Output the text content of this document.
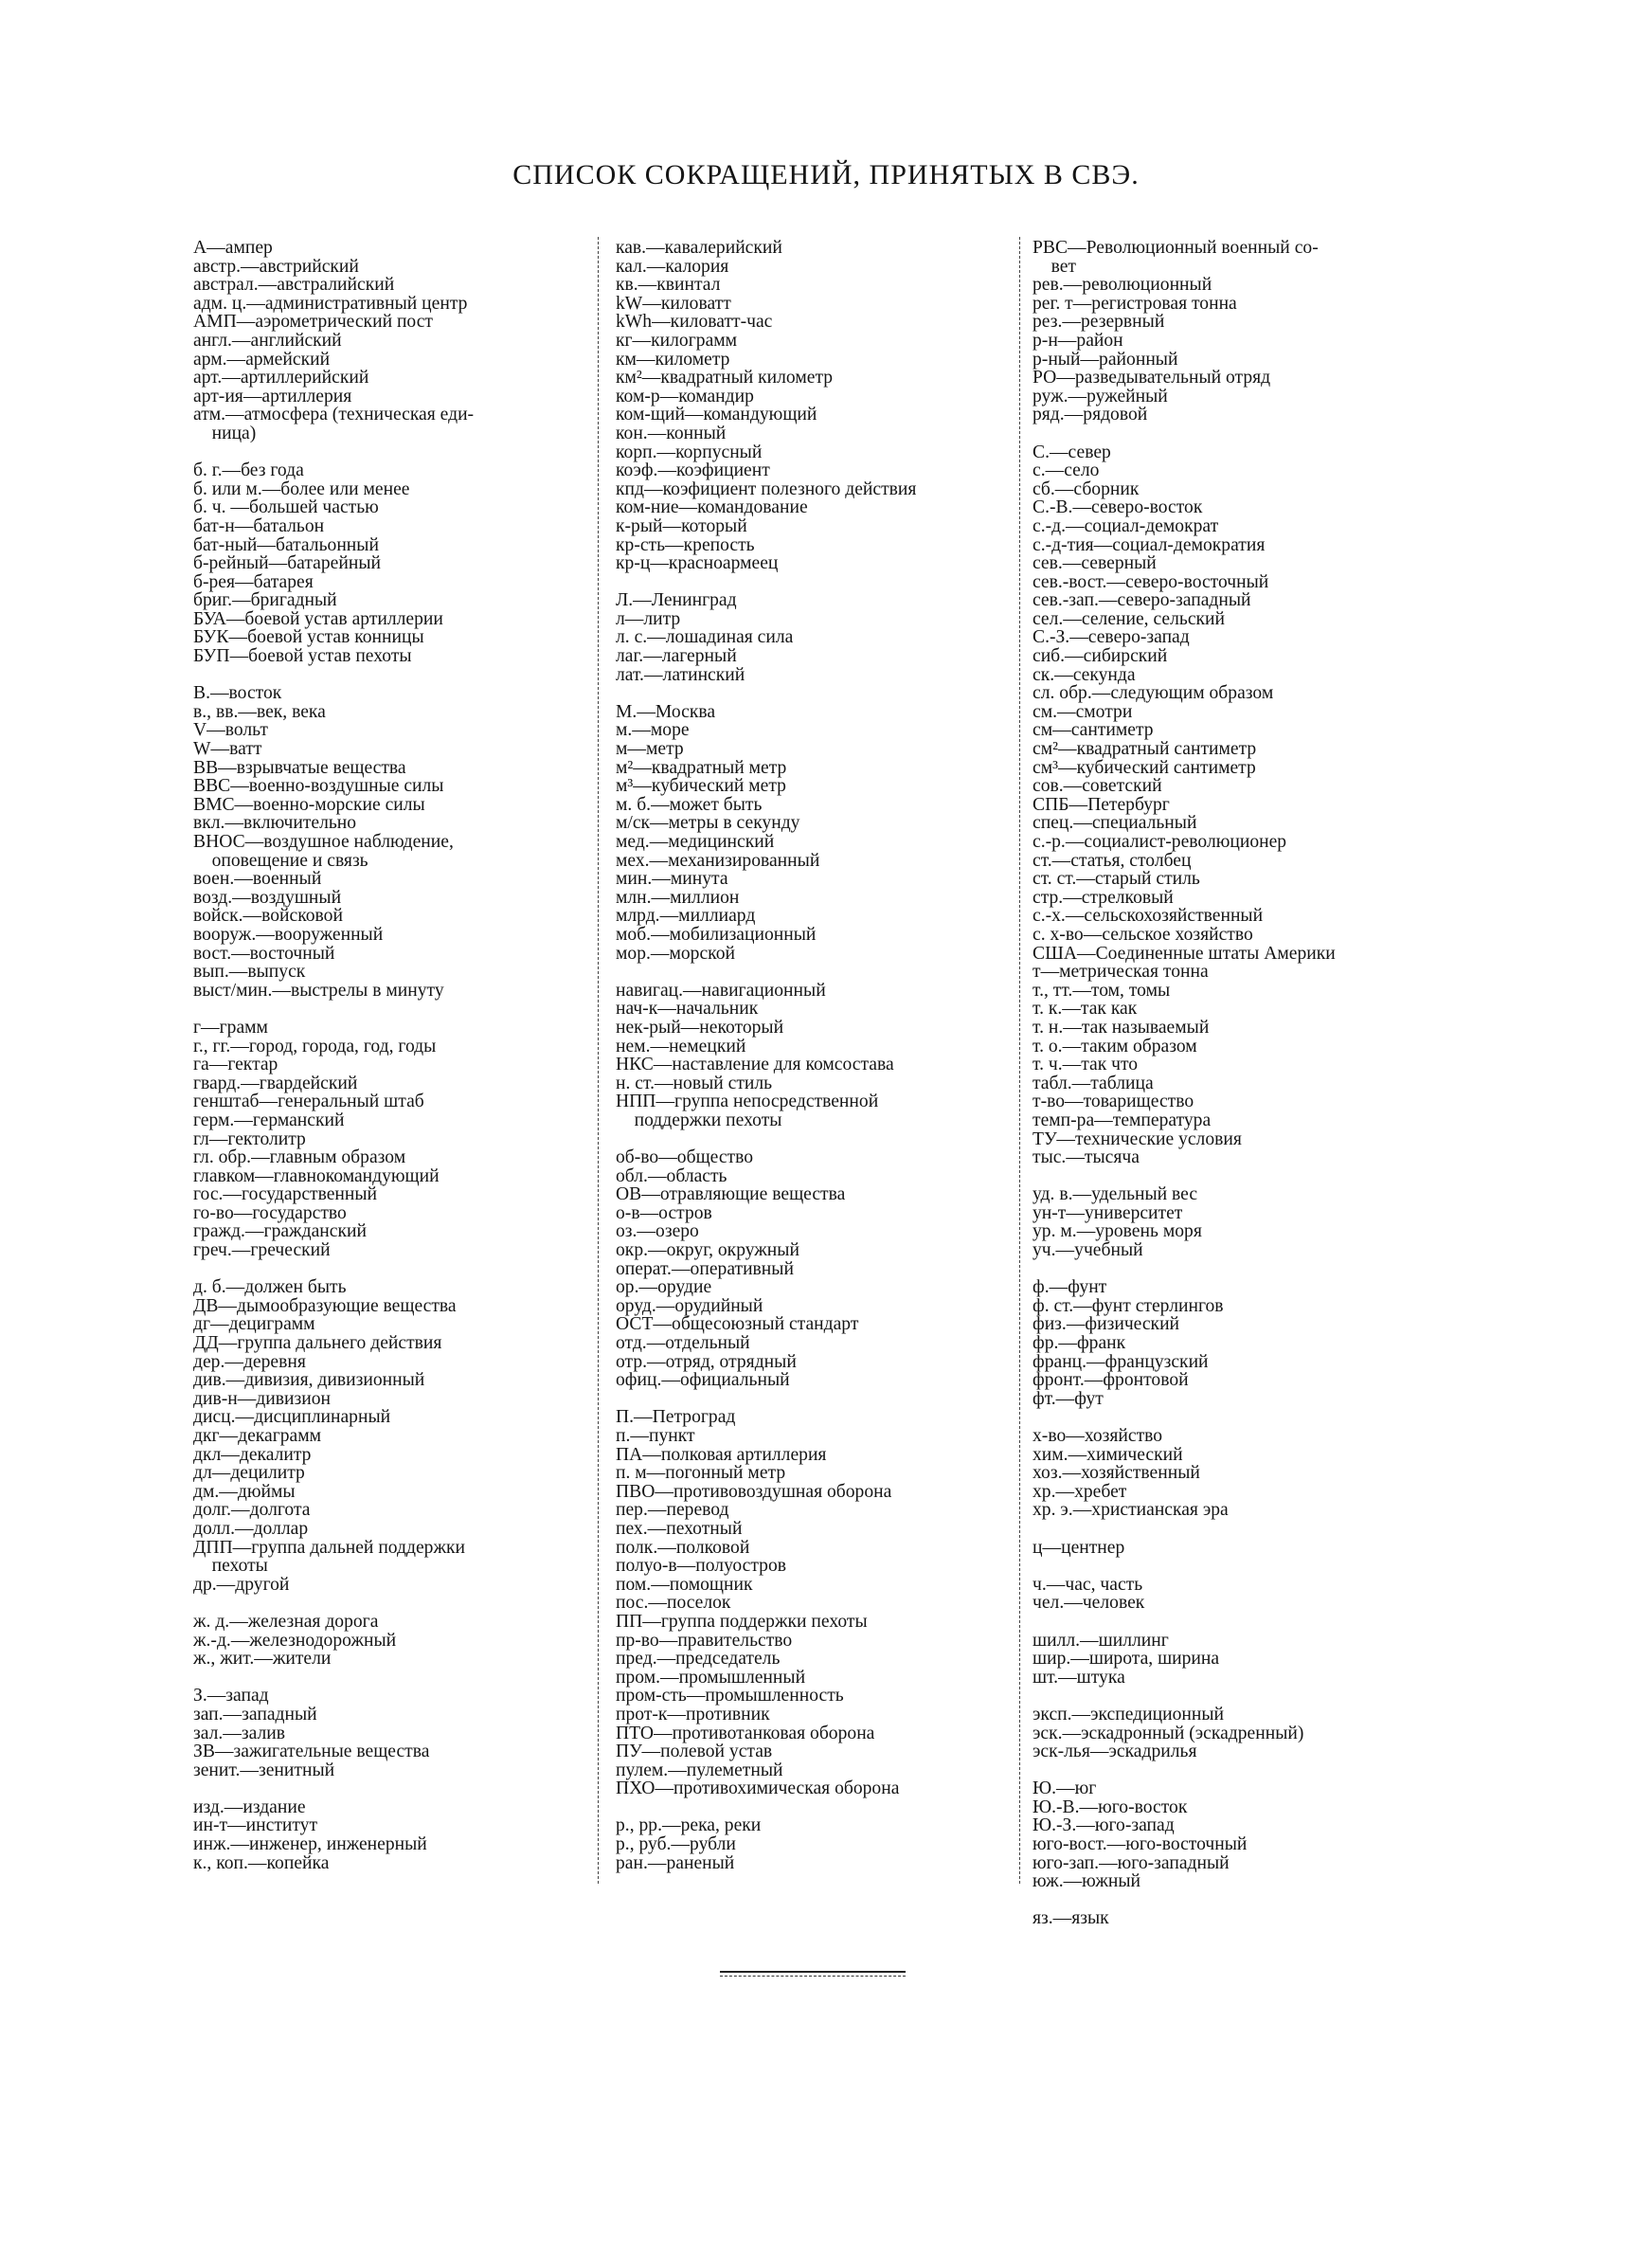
СПИСОК СОКРАЩЕНИЙ, ПРИНЯТЫХ В СВЭ.
А—ампер
австр.—австрийский
австрал.—австралийский
адм. ц.—административный центр
АМП—аэрометрический пост
англ.—английский
арм.—армейский
арт.—артиллерийский
арт-ия—артиллерия
атм.—атмосфера (техническая еди-
ница)
б. г.—без года
б. или м.—более или менее
б. ч. —большей частью
бат-н—батальон
бат-ный—батальонный
б-рейный—батарейный
б-рея—батарея
бриг.—бригадный
БУА—боевой устав артиллерии
БУК—боевой устав конницы
БУП—боевой устав пехоты
В.—восток
в., вв.—век, века
V—вольт
W—ватт
ВВ—взрывчатые вещества
ВВС—военно-воздушные силы
ВМС—военно-морские силы
вкл.—включительно
ВНОС—воздушное наблюдение,
оповещение и связь
воен.—военный
возд.—воздушный
войск.—войсковой
вооруж.—вооруженный
вост.—восточный
вып.—выпуск
выст/мин.—выстрелы в минуту
г—грамм
г., гг.—город, города, год, годы
га—гектар
гвард.—гвардейский
генштаб—генеральный штаб
герм.—германский
гл—гектолитр
гл. обр.—главным образом
главком—главнокомандующий
гос.—государственный
го-во—государство
гражд.—гражданский
греч.—греческий
д. б.—должен быть
ДВ—дымообразующие вещества
дг—дециграмм
ДД—группа дальнего действия
дер.—деревня
див.—дивизия, дивизионный
див-н—дивизион
дисц.—дисциплинарный
дкг—декаграмм
дкл—декалитр
дл—децилитр
дм.—дюймы
долг.—долгота
долл.—доллар
ДПП—группа дальней поддержки
пехоты
др.—другой
ж. д.—железная дорога
ж.-д.—железнодорожный
ж., жит.—жители
З.—запад
зап.—западный
зал.—залив
ЗВ—зажигательные вещества
зенит.—зенитный
изд.—издание
ин-т—институт
инж.—инженер, инженерный
к., коп.—копейка
кав.—кавалерийский
кал.—калория
кв.—квинтал
kW—киловатт
kWh—киловатт-час
кг—килограмм
км—километр
км²—квадратный километр
ком-р—командир
ком-щий—командующий
кон.—конный
корп.—корпусный
коэф.—коэфициент
кпд—коэфициент полезного действия
ком-ние—командование
к-рый—который
кр-сть—крепость
кр-ц—красноармеец
Л.—Ленинград
л—литр
л. с.—лошадиная сила
лаг.—лагерный
лат.—латинский
М.—Москва
м.—море
м—метр
м²—квадратный метр
м³—кубический метр
м. б.—может быть
м/ск—метры в секунду
мед.—медицинский
мех.—механизированный
мин.—минута
млн.—миллион
млрд.—миллиард
моб.—мобилизационный
мор.—морской
навигац.—навигационный
нач-к—начальник
нек-рый—некоторый
нем.—немецкий
НКС—наставление для комсостава
н. ст.—новый стиль
НПП—группа непосредственной
поддержки пехоты
об-во—общество
обл.—область
ОВ—отравляющие вещества
о-в—остров
оз.—озеро
окр.—округ, окружный
операт.—оперативный
ор.—орудие
оруд.—орудийный
ОСТ—общесоюзный стандарт
отд.—отдельный
отр.—отряд, отрядный
офиц.—официальный
П.—Петроград
п.—пункт
ПА—полковая артиллерия
п. м—погонный метр
ПВО—противовоздушная оборона
пер.—перевод
пех.—пехотный
полк.—полковой
полуо-в—полуостров
пом.—помощник
пос.—поселок
ПП—группа поддержки пехоты
пр-во—правительство
пред.—председатель
пром.—промышленный
пром-сть—промышленность
прот-к—противник
ПТО—противотанковая оборона
ПУ—полевой устав
пулем.—пулеметный
ПХО—противохимическая оборона
р., рр.—река, реки
р., руб.—рубли
ран.—раненый
РВС—Революционный военный со-
вет
рев.—революционный
рег. т—регистровая тонна
рез.—резервный
р-н—район
р-ный—районный
РО—разведывательный отряд
руж.—ружейный
ряд.—рядовой
С.—север
с.—село
сб.—сборник
С.-В.—северо-восток
с.-д.—социал-демократ
с.-д-тия—социал-демократия
сев.—северный
сев.-вост.—северо-восточный
сев.-зап.—северо-западный
сел.—селение, сельский
С.-З.—северо-запад
сиб.—сибирский
ск.—секунда
сл. обр.—следующим образом
см.—смотри
см—сантиметр
см²—квадратный сантиметр
см³—кубический сантиметр
сов.—советский
СПБ—Петербург
спец.—специальный
с.-р.—социалист-революционер
ст.—статья, столбец
ст. ст.—старый стиль
стр.—стрелковый
с.-х.—сельскохозяйственный
с. х-во—сельское хозяйство
США—Соединенные штаты Америки
т—метрическая тонна
т., тт.—том, томы
т. к.—так как
т. н.—так называемый
т. о.—таким образом
т. ч.—так что
табл.—таблица
т-во—товарищество
темп-ра—температура
ТУ—технические условия
тыс.—тысяча
уд. в.—удельный вес
ун-т—университет
ур. м.—уровень моря
уч.—учебный
ф.—фунт
ф. ст.—фунт стерлингов
физ.—физический
фр.—франк
франц.—французский
фронт.—фронтовой
фт.—фут
х-во—хозяйство
хим.—химический
хоз.—хозяйственный
хр.—хребет
хр. э.—христианская эра
ц—центнер
ч.—час, часть
чел.—человек
шилл.—шиллинг
шир.—широта, ширина
шт.—штука
эксп.—экспедиционный
эск.—эскадронный (эскадренный)
эск-лья—эскадрилья
Ю.—юг
Ю.-В.—юго-восток
Ю.-З.—юго-запад
юго-вост.—юго-восточный
юго-зап.—юго-западный
юж.—южный
яз.—язык
